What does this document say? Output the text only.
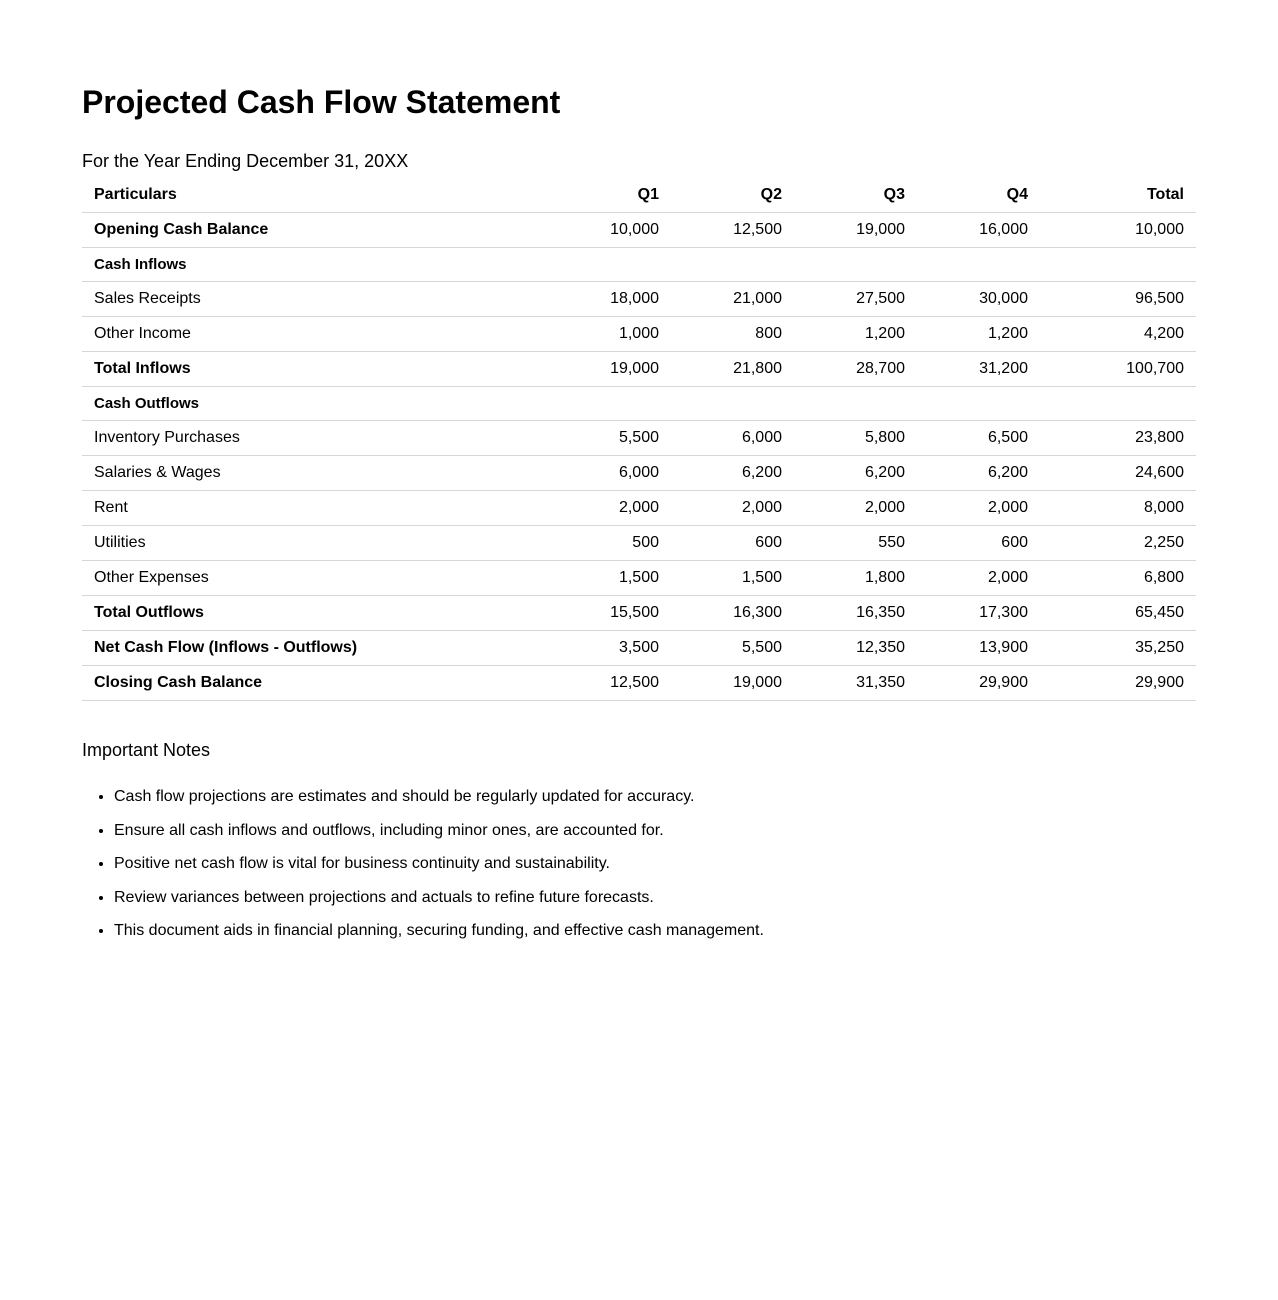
Projected Cash Flow Statement
For the Year Ending December 31, 20XX
Particulars	Q1	Q2	Q3	Q4	Total
Opening Cash Balance	10,000	12,500	19,000	16,000	10,000
Cash Inflows					
Sales Receipts	18,000	21,000	27,500	30,000	96,500
Other Income	1,000	800	1,200	1,200	4,200
Total Inflows	19,000	21,800	28,700	31,200	100,700
Cash Outflows					
Inventory Purchases	5,500	6,000	5,800	6,500	23,800
Salaries & Wages	6,000	6,200	6,200	6,200	24,600
Rent	2,000	2,000	2,000	2,000	8,000
Utilities	500	600	550	600	2,250
Other Expenses	1,500	1,500	1,800	2,000	6,800
Total Outflows	15,500	16,300	16,350	17,300	65,450
Net Cash Flow (Inflows - Outflows)	3,500	5,500	12,350	13,900	35,250
Closing Cash Balance	12,500	19,000	31,350	29,900	29,900
Important Notes
• Cash flow projections are estimates and should be regularly updated for accuracy.
• Ensure all cash inflows and outflows, including minor ones, are accounted for.
• Positive net cash flow is vital for business continuity and sustainability.
• Review variances between projections and actuals to refine future forecasts.
• This document aids in financial planning, securing funding, and effective cash management.
